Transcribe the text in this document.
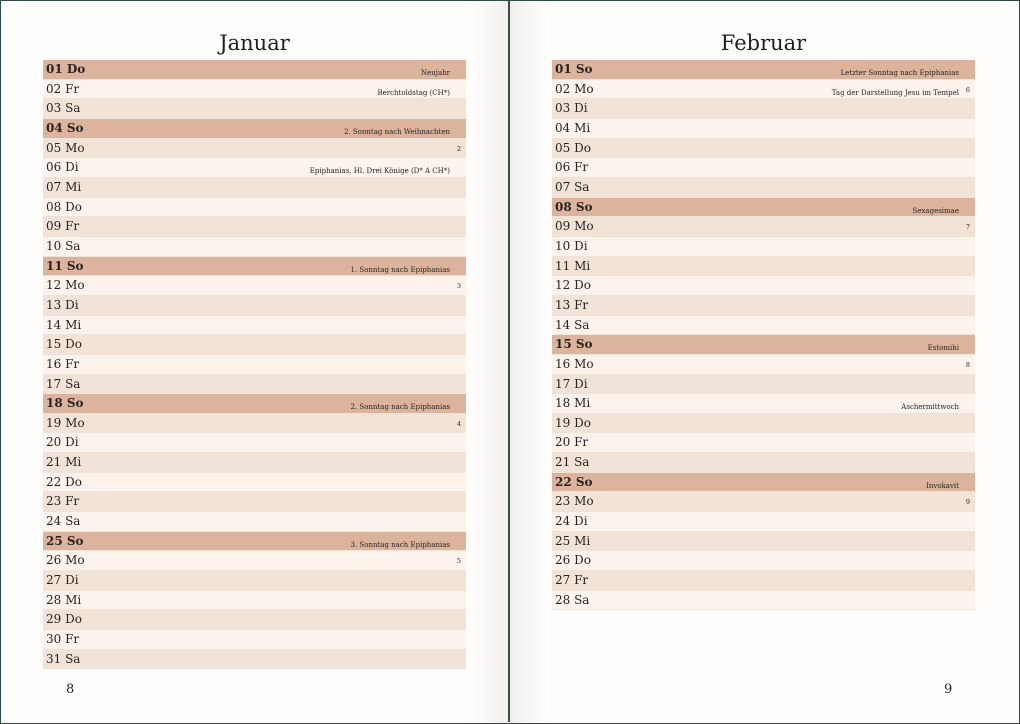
Januar
01 Do	Neujahr
02 Fr	Berchtoldstag (CH*)
03 Sa
04 So	2. Sonntag nach Weihnachten
05 Mo	2
06 Di	Epiphanias, Hl. Drei Könige (D* A CH*)
07 Mi
08 Do
09 Fr
10 Sa
11 So	1. Sonntag nach Epiphanias
12 Mo	3
13 Di
14 Mi
15 Do
16 Fr
17 Sa
18 So	2. Sonntag nach Epiphanias
19 Mo	4
20 Di
21 Mi
22 Do
23 Fr
24 Sa
25 So	3. Sonntag nach Epiphanias
26 Mo	5
27 Di
28 Mi
29 Do
30 Fr
31 Sa
8
Februar
01 So	Letzter Sonntag nach Epiphanias
02 Mo	Tag der Darstellung Jesu im Tempel 6
03 Di
04 Mi
05 Do
06 Fr
07 Sa
08 So	Sexagesimae
09 Mo	7
10 Di
11 Mi
12 Do
13 Fr
14 Sa
15 So	Estomihi
16 Mo	8
17 Di
18 Mi	Aschermittwoch
19 Do
20 Fr
21 Sa
22 So	Invokavit
23 Mo	9
24 Di
25 Mi
26 Do
27 Fr
28 Sa
9
